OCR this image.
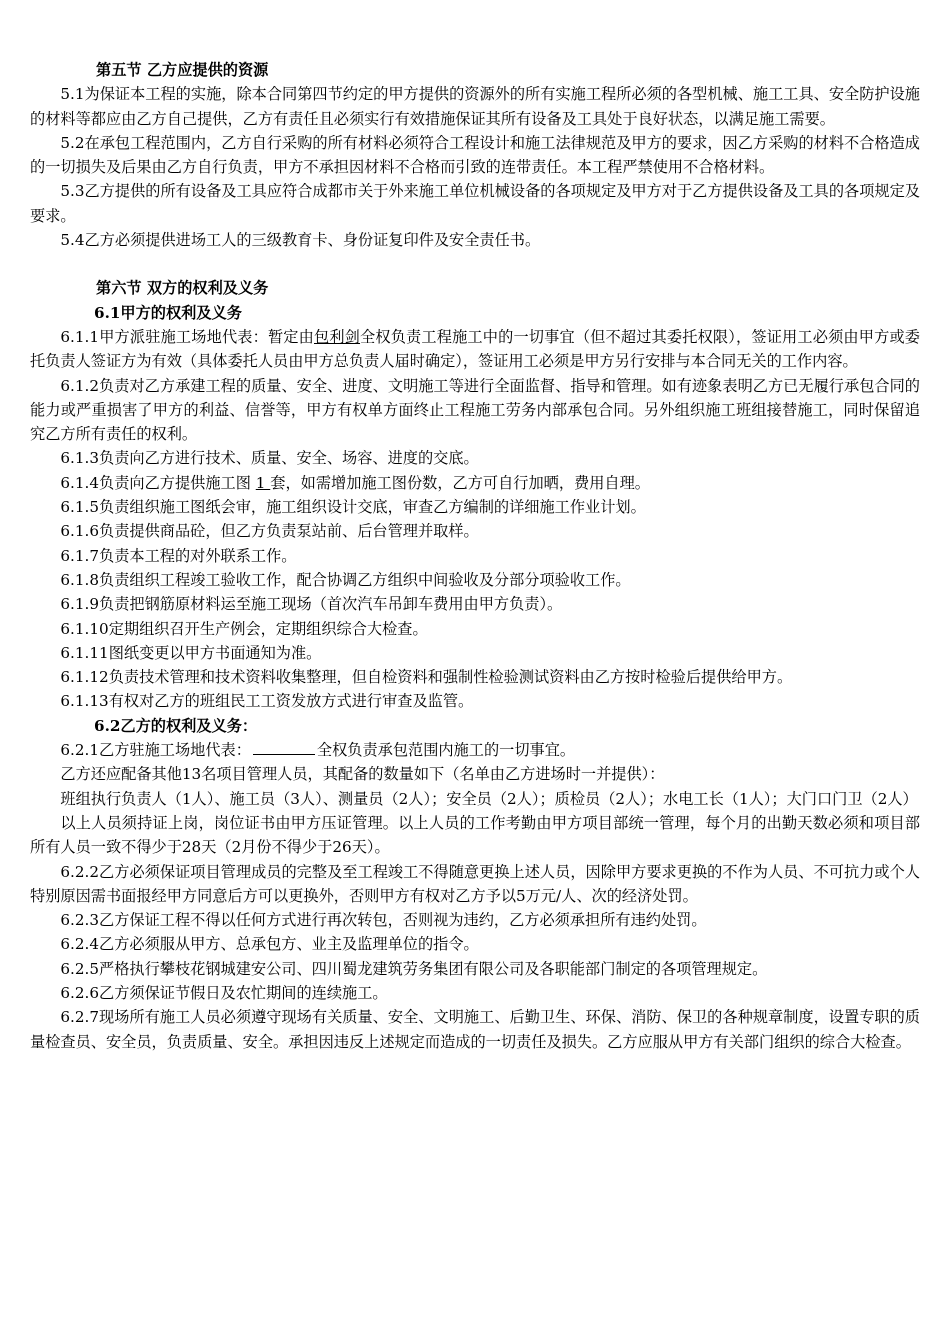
第五节 乙方应提供的资源

5.1为保证本工程的实施，除本合同第四节约定的甲方提供的资源外的所有实施工程所必须的各型机械、施工工具、安全防护设施的材料等都应由乙方自己提供，乙方有责任且必须实行有效措施保证其所有设备及工具处于良好状态，以满足施工需要。

5.2在承包工程范围内，乙方自行采购的所有材料必须符合工程设计和施工法律规范及甲方的要求，因乙方采购的材料不合格造成的一切损失及后果由乙方自行负责，甲方不承担因材料不合格而引致的连带责任。本工程严禁使用不合格材料。

5.3乙方提供的所有设备及工具应符合成都市关于外来施工单位机械设备的各项规定及甲方对于乙方提供设备及工具的各项规定及要求。

5.4乙方必须提供进场工人的三级教育卡、身份证复印件及安全责任书。

第六节 双方的权利及义务

6.1甲方的权利及义务

6.1.1甲方派驻施工场地代表：暂定由包利剑全权负责工程施工中的一切事宜（但不超过其委托权限），签证用工必须由甲方或委托负责人签证方为有效（具体委托人员由甲方总负责人届时确定），签证用工必须是甲方另行安排与本合同无关的工作内容。

6.1.2负责对乙方承建工程的质量、安全、进度、文明施工等进行全面监督、指导和管理。如有迹象表明乙方已无履行承包合同的能力或严重损害了甲方的利益、信誉等，甲方有权单方面终止工程施工劳务内部承包合同。另外组织施工班组接替施工，同时保留追究乙方所有责任的权利。

6.1.3负责向乙方进行技术、质量、安全、场容、进度的交底。

6.1.4负责向乙方提供施工图 1 套，如需增加施工图份数，乙方可自行加晒，费用自理。

6.1.5负责组织施工图纸会审，施工组织设计交底，审查乙方编制的详细施工作业计划。

6.1.6负责提供商品砼，但乙方负责泵站前、后台管理并取样。

6.1.7负责本工程的对外联系工作。

6.1.8负责组织工程竣工验收工作，配合协调乙方组织中间验收及分部分项验收工作。

6.1.9负责把钢筋原材料运至施工现场（首次汽车吊卸车费用由甲方负责）。

6.1.10定期组织召开生产例会，定期组织综合大检查。

6.1.11图纸变更以甲方书面通知为准。

6.1.12负责技术管理和技术资料收集整理，但自检资料和强制性检验测试资料由乙方按时检验后提供给甲方。

6.1.13有权对乙方的班组民工工资发放方式进行审查及监管。

6.2乙方的权利及义务：

6.2.1乙方驻施工场地代表：	全权负责承包范围内施工的一切事宜。

乙方还应配备其他13名项目管理人员，其配备的数量如下（名单由乙方进场时一并提供）：

班组执行负责人（1人）、施工员（3人）、测量员（2人）；安全员（2人）；质检员（2人）；水电工长（1人）；大门口门卫（2人）

以上人员须持证上岗，岗位证书由甲方压证管理。以上人员的工作考勤由甲方项目部统一管理，每个月的出勤天数必须和项目部所有人员一致不得少于28天（2月份不得少于26天）。

6.2.2乙方必须保证项目管理成员的完整及至工程竣工不得随意更换上述人员，因除甲方要求更换的不作为人员、不可抗力或个人特别原因需书面报经甲方同意后方可以更换外，否则甲方有权对乙方予以5万元/人、次的经济处罚。

6.2.3乙方保证工程不得以任何方式进行再次转包，否则视为违约，乙方必须承担所有违约处罚。

6.2.4乙方必须服从甲方、总承包方、业主及监理单位的指令。

6.2.5严格执行攀枝花钢城建安公司、四川蜀龙建筑劳务集团有限公司及各职能部门制定的各项管理规定。

6.2.6乙方须保证节假日及农忙期间的连续施工。

6.2.7现场所有施工人员必须遵守现场有关质量、安全、文明施工、后勤卫生、环保、消防、保卫的各种规章制度，设置专职的质量检查员、安全员，负责质量、安全。承担因违反上述规定而造成的一切责任及损失。乙方应服从甲方有关部门组织的综合大检查。
